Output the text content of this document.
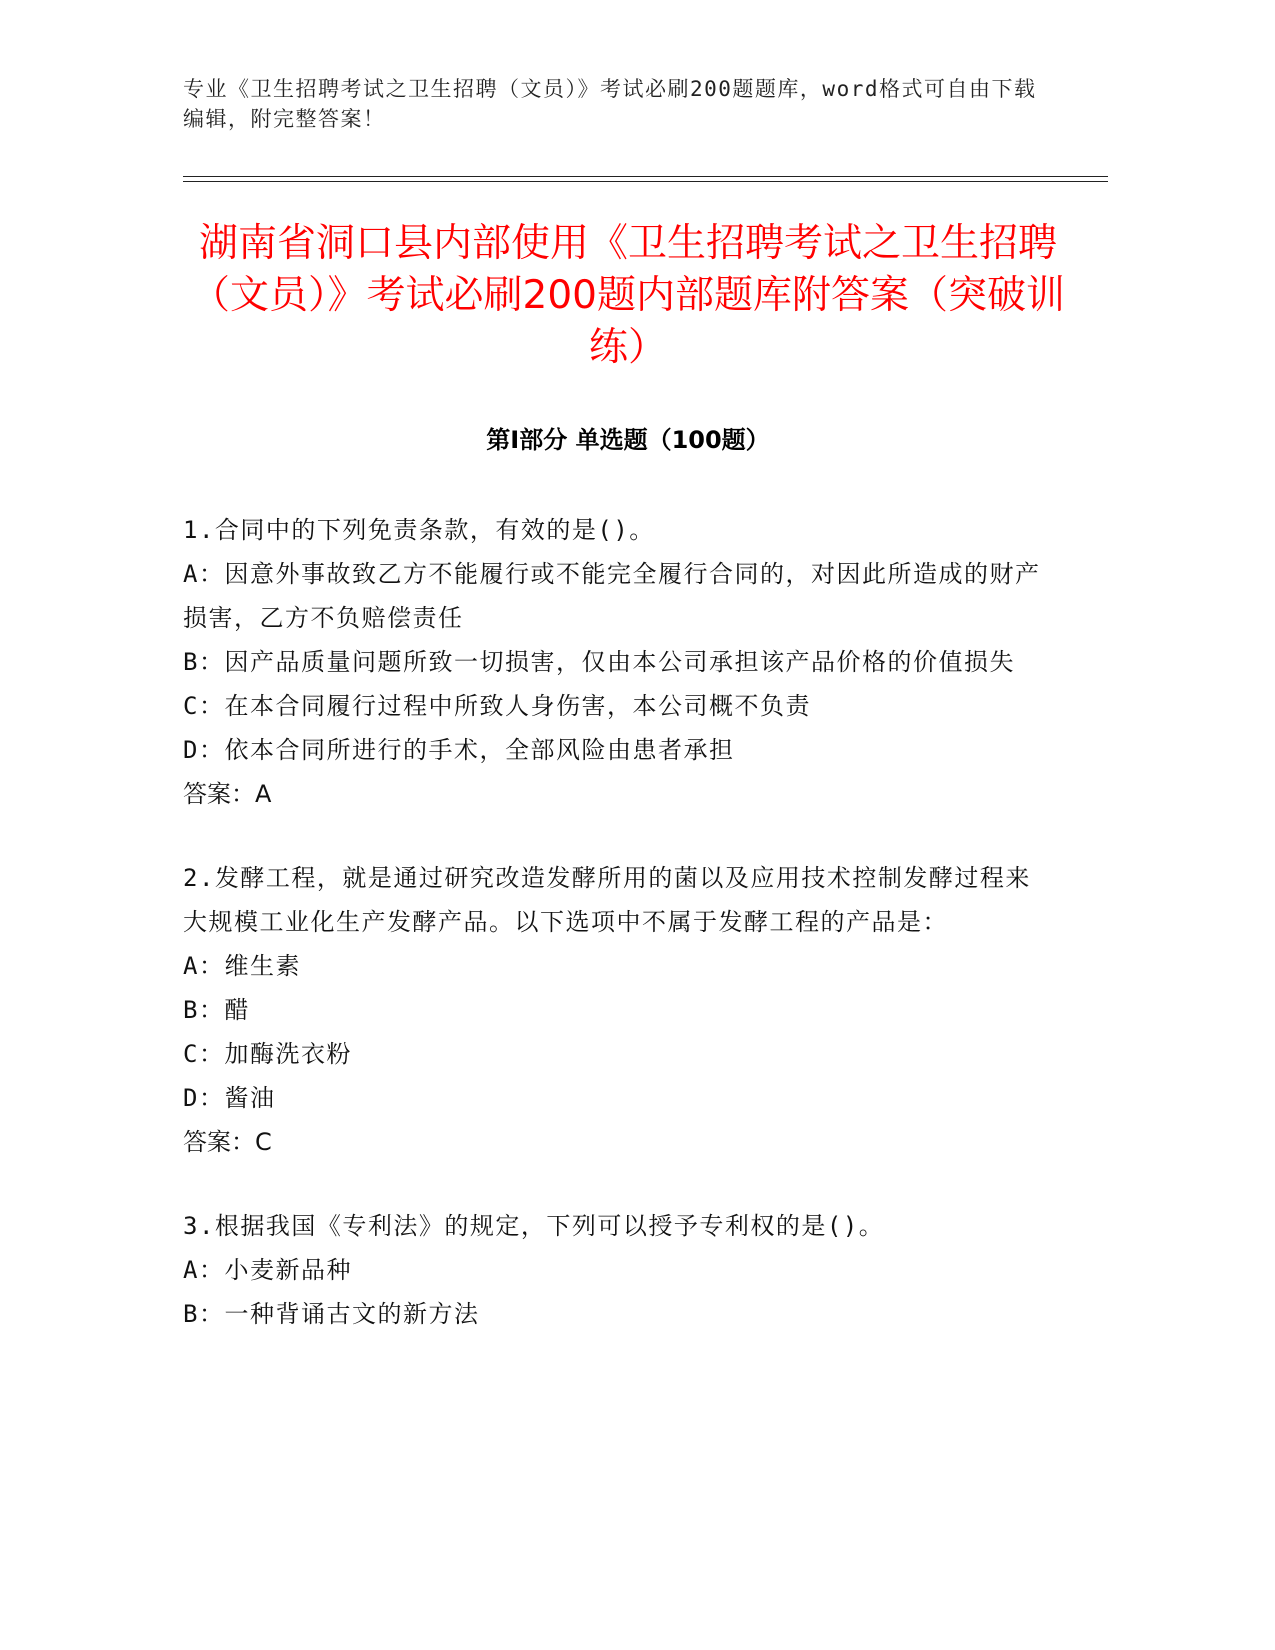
专业《卫生招聘考试之卫生招聘（文员）》考试必刷200题题库，word格式可自由下载编辑，附完整答案！
湖南省洞口县内部使用《卫生招聘考试之卫生招聘（文员）》考试必刷200题内部题库附答案（突破训练）
第Ⅰ部分 单选题（100题）

1.合同中的下列免责条款，有效的是()。

A：因意外事故致乙方不能履行或不能完全履行合同的，对因此所造成的财产损害，乙方不负赔偿责任

B：因产品质量问题所致一切损害，仅由本公司承担该产品价格的价值损失

C：在本合同履行过程中所致人身伤害，本公司概不负责

D：依本合同所进行的手术，全部风险由患者承担

答案：A

2.发酵工程，就是通过研究改造发酵所用的菌以及应用技术控制发酵过程来大规模工业化生产发酵产品。以下选项中不属于发酵工程的产品是：

A：维生素

B：醋

C：加酶洗衣粉

D：酱油

答案：C

3.根据我国《专利法》的规定，下列可以授予专利权的是()。

A：小麦新品种

B：一种背诵古文的新方法
